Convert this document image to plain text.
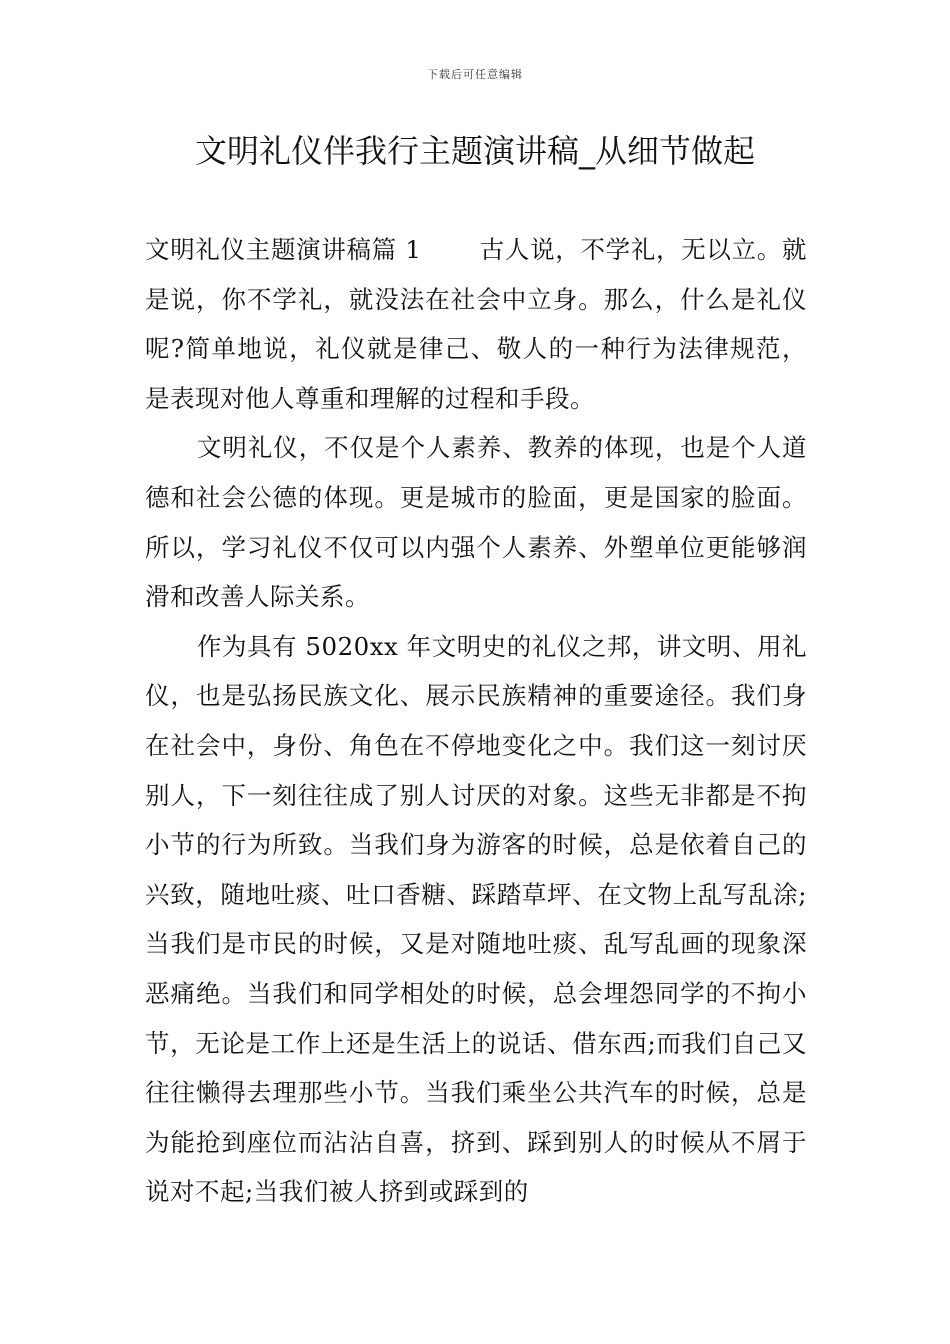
下载后可任意编辑
文明礼仪伴我行主题演讲稿_从细节做起

文明礼仪主题演讲稿篇 1 古人说，不学礼，无以立。就是说，你不学礼，就没法在社会中立身。那么，什么是礼仪呢?简单地说，礼仪就是律己、敬人的一种行为法律规范，是表现对他人尊重和理解的过程和手段。

文明礼仪，不仅是个人素养、教养的体现，也是个人道德和社会公德的体现。更是城市的脸面，更是国家的脸面。所以，学习礼仪不仅可以内强个人素养、外塑单位更能够润滑和改善人际关系。

作为具有 5020xx 年文明史的礼仪之邦，讲文明、用礼仪，也是弘扬民族文化、展示民族精神的重要途径。我们身在社会中，身份、角色在不停地变化之中。我们这一刻讨厌别人，下一刻往往成了别人讨厌的对象。这些无非都是不拘小节的行为所致。当我们身为游客的时候，总是依着自己的兴致，随地吐痰、吐口香糖、踩踏草坪、在文物上乱写乱涂;当我们是市民的时候，又是对随地吐痰、乱写乱画的现象深恶痛绝。当我们和同学相处的时候，总会埋怨同学的不拘小节，无论是工作上还是生活上的说话、借东西;而我们自己又往往懒得去理那些小节。当我们乘坐公共汽车的时候，总是为能抢到座位而沾沾自喜，挤到、踩到别人的时候从不屑于说对不起;当我们被人挤到或踩到的
